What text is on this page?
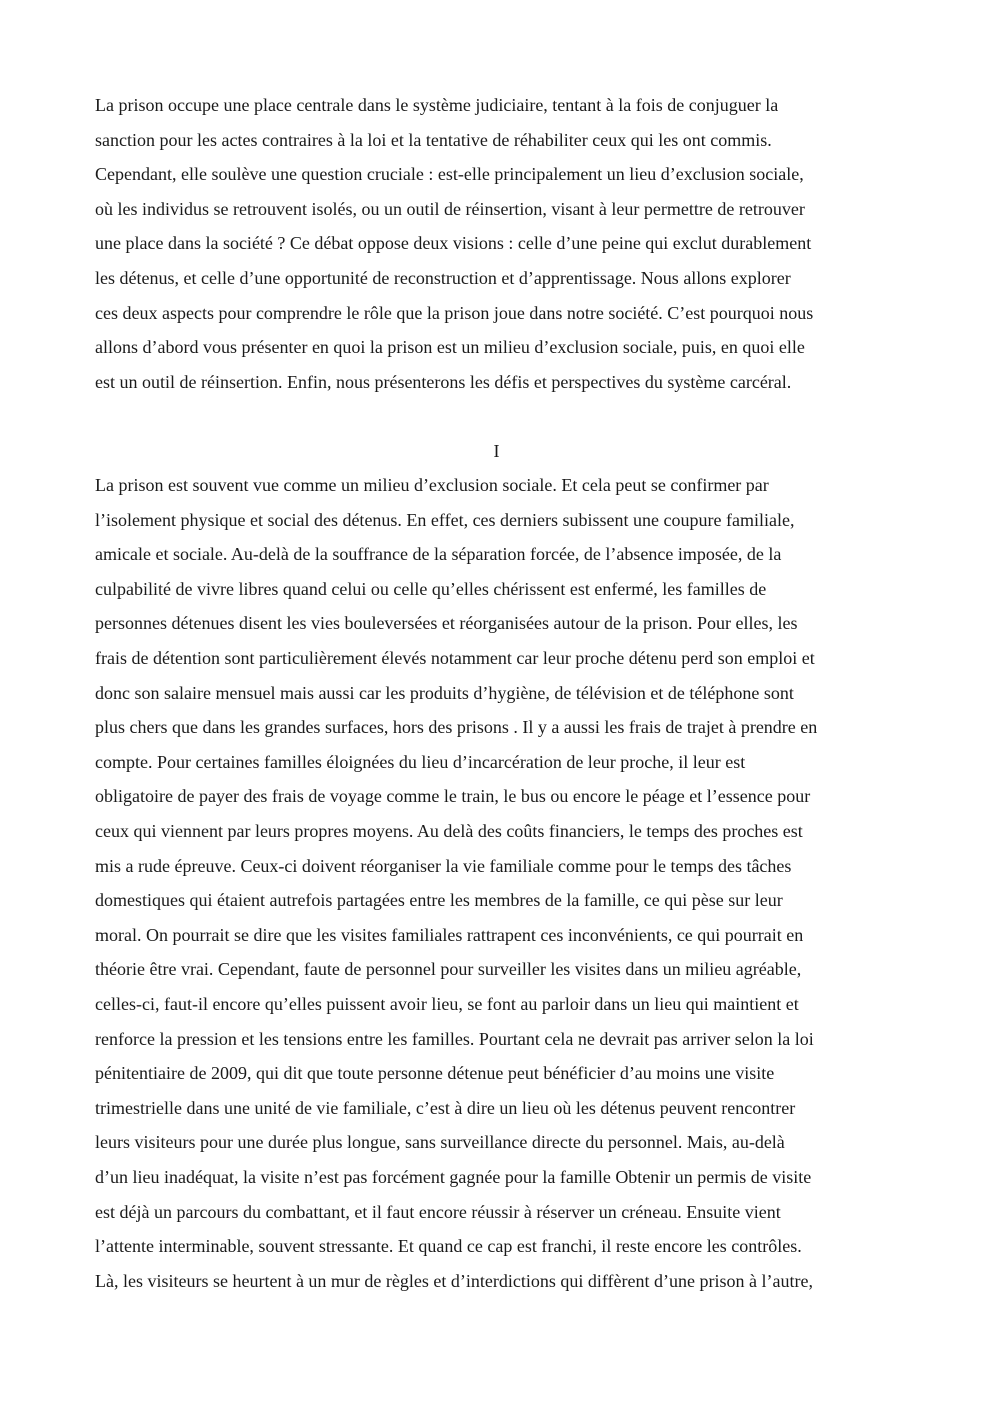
La prison occupe une place centrale dans le système judiciaire, tentant à la fois de conjuguer la
sanction pour les actes contraires à la loi et la tentative de réhabiliter ceux qui les ont commis.
Cependant, elle soulève une question cruciale : est-elle principalement un lieu d’exclusion sociale,
où les individus se retrouvent isolés, ou un outil de réinsertion, visant à leur permettre de retrouver
une place dans la société ? Ce débat oppose deux visions : celle d’une peine qui exclut durablement
les détenus, et celle d’une opportunité de reconstruction et d’apprentissage. Nous allons explorer
ces deux aspects pour comprendre le rôle que la prison joue dans notre société. C’est pourquoi nous
allons d’abord vous présenter en quoi la prison est un milieu d’exclusion sociale, puis, en quoi elle
est un outil de réinsertion. Enfin, nous présenterons les défis et perspectives du système carcéral.
I
La prison est souvent vue comme un milieu d’exclusion sociale. Et cela peut se confirmer par
l’isolement physique et social des détenus. En effet, ces derniers subissent une coupure familiale,
amicale et sociale. Au-delà de la souffrance de la séparation forcée, de l’absence imposée, de la
culpabilité de vivre libres quand celui ou celle qu’elles chérissent est enfermé, les familles de
personnes détenues disent les vies bouleversées et réorganisées autour de la prison. Pour elles, les
frais de détention sont particulièrement élevés notamment car leur proche détenu perd son emploi et
donc son salaire mensuel mais aussi car les produits d’hygiène, de télévision et de téléphone sont
plus chers que dans les grandes surfaces, hors des prisons . Il y a aussi les frais de trajet à prendre en
compte. Pour certaines familles éloignées du lieu d’incarcération de leur proche, il leur est
obligatoire de payer des frais de voyage comme le train, le bus ou encore le péage et l’essence pour
ceux qui viennent par leurs propres moyens. Au delà des coûts financiers, le temps des proches est
mis a rude épreuve. Ceux-ci doivent réorganiser la vie familiale comme pour le temps des tâches
domestiques qui étaient autrefois partagées entre les membres de la famille, ce qui pèse sur leur
moral. On pourrait se dire que les visites familiales rattrapent ces inconvénients, ce qui pourrait en
théorie être vrai. Cependant, faute de personnel pour surveiller les visites dans un milieu agréable,
celles-ci, faut-il encore qu’elles puissent avoir lieu, se font au parloir dans un lieu qui maintient et
renforce la pression et les tensions entre les familles. Pourtant cela ne devrait pas arriver selon la loi
pénitentiaire de 2009, qui dit que toute personne détenue peut bénéficier d’au moins une visite
trimestrielle dans une unité de vie familiale, c’est à dire un lieu où les détenus peuvent rencontrer
leurs visiteurs pour une durée plus longue, sans surveillance directe du personnel. Mais, au-delà
d’un lieu inadéquat, la visite n’est pas forcément gagnée pour la famille Obtenir un permis de visite
est déjà un parcours du combattant, et il faut encore réussir à réserver un créneau. Ensuite vient
l’attente interminable, souvent stressante. Et quand ce cap est franchi, il reste encore les contrôles.
Là, les visiteurs se heurtent à un mur de règles et d’interdictions qui diffèrent d’une prison à l’autre,
